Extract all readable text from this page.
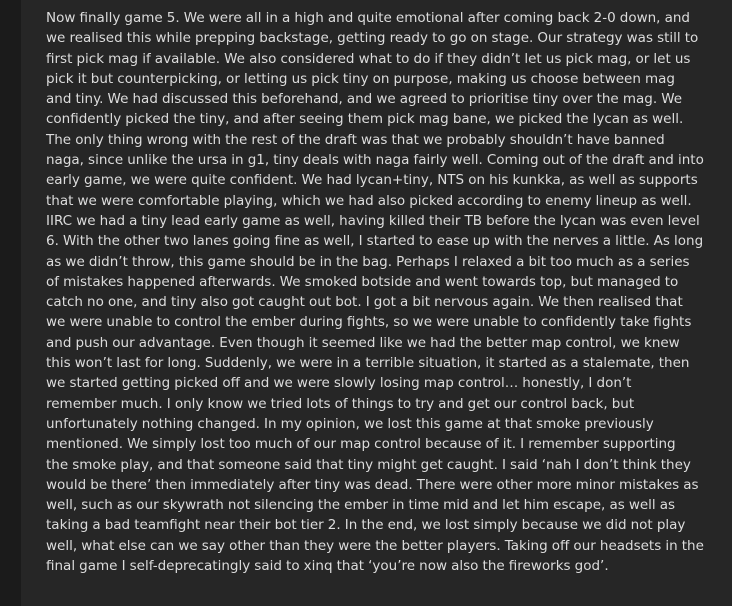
Now finally game 5. We were all in a high and quite emotional after coming back 2-0 down, and
we realised this while prepping backstage, getting ready to go on stage. Our strategy was still to
first pick mag if available. We also considered what to do if they didn’t let us pick mag, or let us
pick it but counterpicking, or letting us pick tiny on purpose, making us choose between mag
and tiny. We had discussed this beforehand, and we agreed to prioritise tiny over the mag. We
confidently picked the tiny, and after seeing them pick mag bane, we picked the lycan as well.
The only thing wrong with the rest of the draft was that we probably shouldn’t have banned
naga, since unlike the ursa in g1, tiny deals with naga fairly well. Coming out of the draft and into
early game, we were quite confident. We had lycan+tiny, NTS on his kunkka, as well as supports
that we were comfortable playing, which we had also picked according to enemy lineup as well.
IIRC we had a tiny lead early game as well, having killed their TB before the lycan was even level
6. With the other two lanes going fine as well, I started to ease up with the nerves a little. As long
as we didn’t throw, this game should be in the bag. Perhaps I relaxed a bit too much as a series
of mistakes happened afterwards. We smoked botside and went towards top, but managed to
catch no one, and tiny also got caught out bot. I got a bit nervous again. We then realised that
we were unable to control the ember during fights, so we were unable to confidently take fights
and push our advantage. Even though it seemed like we had the better map control, we knew
this won’t last for long. Suddenly, we were in a terrible situation, it started as a stalemate, then
we started getting picked off and we were slowly losing map control… honestly, I don’t
remember much. I only know we tried lots of things to try and get our control back, but
unfortunately nothing changed. In my opinion, we lost this game at that smoke previously
mentioned. We simply lost too much of our map control because of it. I remember supporting
the smoke play, and that someone said that tiny might get caught. I said ‘nah I don’t think they
would be there’ then immediately after tiny was dead. There were other more minor mistakes as
well, such as our skywrath not silencing the ember in time mid and let him escape, as well as
taking a bad teamfight near their bot tier 2. In the end, we lost simply because we did not play
well, what else can we say other than they were the better players. Taking off our headsets in the
final game I self-deprecatingly said to xinq that ‘you’re now also the fireworks god’.
